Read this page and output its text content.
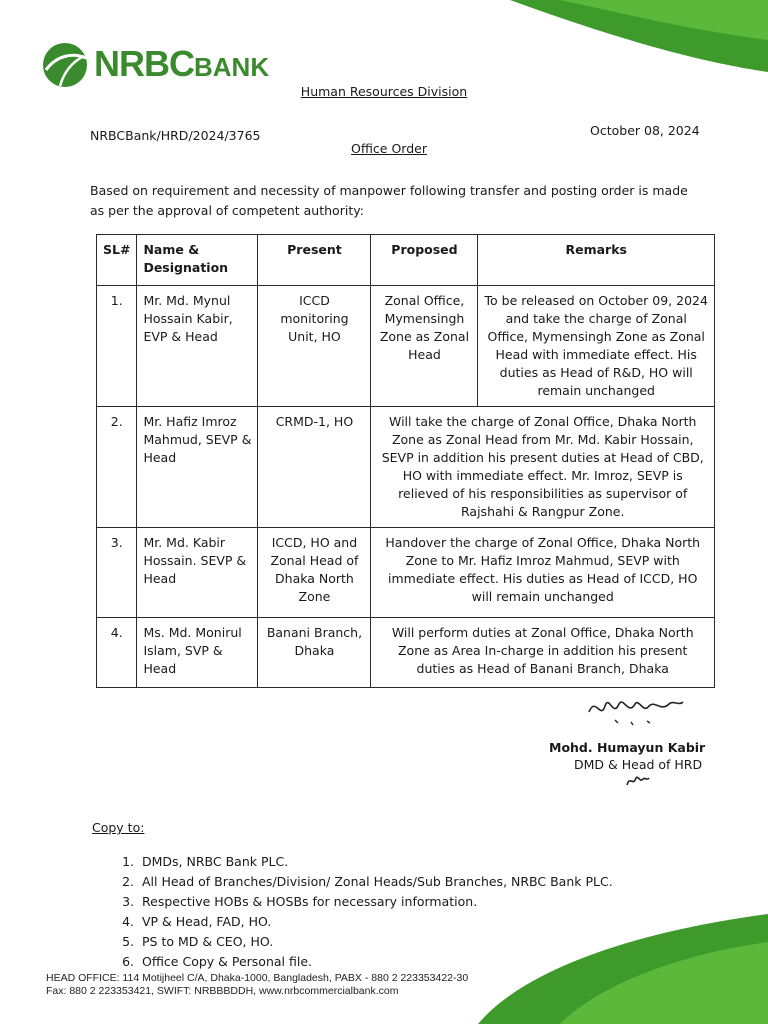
NRBCBANK
Human Resources Division
NRBCBank/HRD/2024/3765	October 08, 2024
Office Order
Based on requirement and necessity of manpower following transfer and posting order is made as per the approval of competent authority:
SL#	Name & Designation	Present	Proposed	Remarks
1.	Mr. Md. Mynul Hossain Kabir, EVP & Head	ICCD monitoring Unit, HO	Zonal Office, Mymensingh Zone as Zonal Head	To be released on October 09, 2024 and take the charge of Zonal Office, Mymensingh Zone as Zonal Head with immediate effect. His duties as Head of R&D, HO will remain unchanged
2.	Mr. Hafiz Imroz Mahmud, SEVP & Head	CRMD-1, HO	Will take the charge of Zonal Office, Dhaka North Zone as Zonal Head from Mr. Md. Kabir Hossain, SEVP in addition his present duties at Head of CBD, HO with immediate effect. Mr. Imroz, SEVP is relieved of his responsibilities as supervisor of Rajshahi & Rangpur Zone.	
3.	Mr. Md. Kabir Hossain. SEVP & Head	ICCD, HO and Zonal Head of Dhaka North Zone	Handover the charge of Zonal Office, Dhaka North Zone to Mr. Hafiz Imroz Mahmud, SEVP with immediate effect. His duties as Head of ICCD, HO will remain unchanged	
4.	Ms. Md. Monirul Islam, SVP & Head	Banani Branch, Dhaka	Will perform duties at Zonal Office, Dhaka North Zone as Area In-charge in addition his present duties as Head of Banani Branch, Dhaka	
Mohd. Humayun Kabir
DMD & Head of HRD
Copy to:
1. DMDs, NRBC Bank PLC.
2. All Head of Branches/Division/ Zonal Heads/Sub Branches, NRBC Bank PLC.
3. Respective HOBs & HOSBs for necessary information.
4. VP & Head, FAD, HO.
5. PS to MD & CEO, HO.
6. Office Copy & Personal file.
HEAD OFFICE: 114 Motijheel C/A, Dhaka-1000, Bangladesh, PABX - 880 2 223353422-30
Fax: 880 2 223353421, SWIFT: NRBBBDDH, www.nrbcommercialbank.com
